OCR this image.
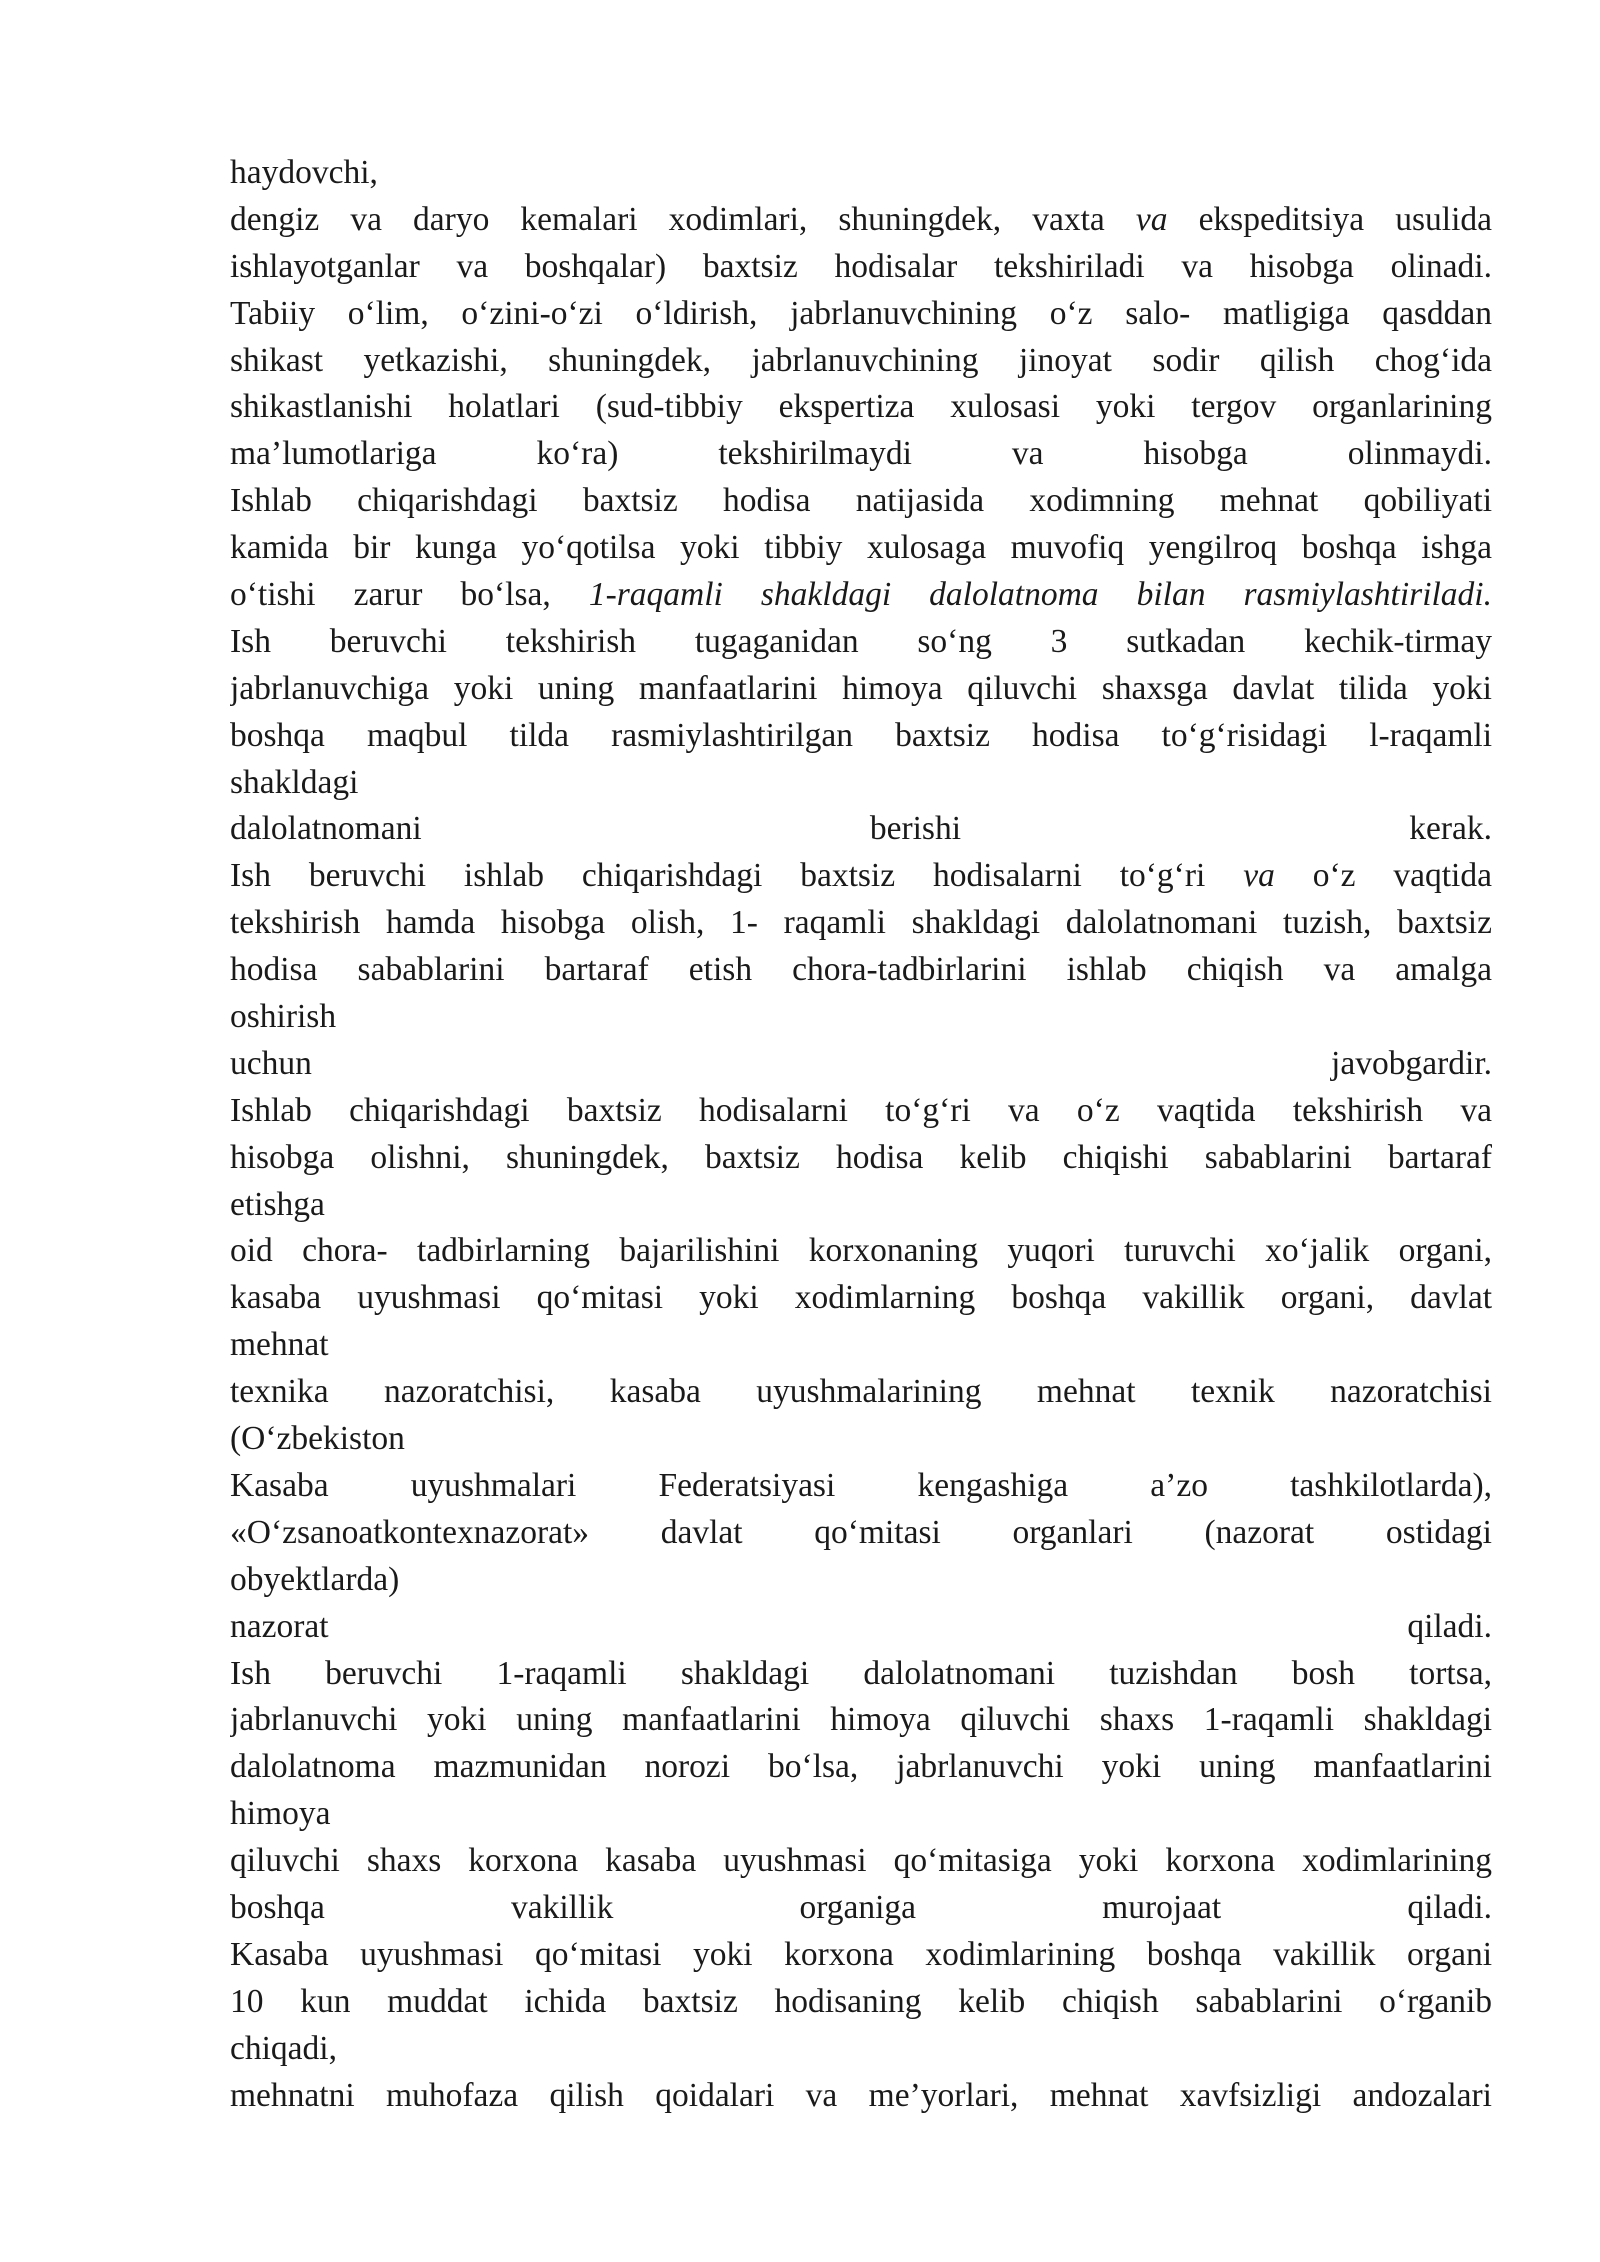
haydovchi,
dengiz va daryo kemalari xodimlari, shuningdek, vaxta va ekspeditsiya usulida
ishlayotganlar va boshqalar) baxtsiz hodisalar tekshiriladi va hisobga olinadi.
Tabiiy o‘lim, o‘zini-o‘zi o‘ldirish, jabrlanuvchining o‘z salo- matligiga qasddan
shikast yetkazishi, shuningdek, jabrlanuvchining jinoyat sodir qilish chog‘ida
shikastlanishi holatlari (sud-tibbiy ekspertiza xulosasi yoki tergov organlarining
ma’lumotlariga ko‘ra) tekshirilmaydi va hisobga olinmaydi.
Ishlab chiqarishdagi baxtsiz hodisa natijasida xodimning mehnat qobiliyati
kamida bir kunga yo‘qotilsa yoki tibbiy xulosaga muvofiq yengilroq boshqa ishga
o‘tishi zarur bo‘lsa, 1-raqamli shakldagi dalolatnoma bilan rasmiylashtiriladi.
Ish beruvchi tekshirish tugaganidan so‘ng 3 sutkadan kechik-tirmay
jabrlanuvchiga yoki uning manfaatlarini himoya qiluvchi shaxsga davlat tilida yoki
boshqa maqbul tilda rasmiylashtirilgan baxtsiz hodisa to‘g‘risidagi l-raqamli
shakldagi
dalolatnomani berishi kerak.
Ish beruvchi ishlab chiqarishdagi baxtsiz hodisalarni to‘g‘ri va o‘z vaqtida
tekshirish hamda hisobga olish, 1- raqamli shakldagi dalolatnomani tuzish, baxtsiz
hodisa sabablarini bartaraf etish chora-tadbirlarini ishlab chiqish va amalga
oshirish
uchun javobgardir.
Ishlab chiqarishdagi baxtsiz hodisalarni to‘g‘ri va o‘z vaqtida tekshirish va
hisobga olishni, shuningdek, baxtsiz hodisa kelib chiqishi sabablarini bartaraf
etishga
oid chora- tadbirlarning bajarilishini korxonaning yuqori turuvchi xo‘jalik organi,
kasaba uyushmasi qo‘mitasi yoki xodimlarning boshqa vakillik organi, davlat
mehnat
texnika nazoratchisi, kasaba uyushmalarining mehnat texnik nazoratchisi
(O‘zbekiston
Kasaba uyushmalari Federatsiyasi kengashiga a’zo tashkilotlarda),
«O‘zsanoatkontexnazorat» davlat qo‘mitasi organlari (nazorat ostidagi
obyektlarda)
nazorat qiladi.
Ish beruvchi 1-raqamli shakldagi dalolatnomani tuzishdan bosh tortsa,
jabrlanuvchi yoki uning manfaatlarini himoya qiluvchi shaxs 1-raqamli shakldagi
dalolatnoma mazmunidan norozi bo‘lsa, jabrlanuvchi yoki uning manfaatlarini
himoya
qiluvchi shaxs korxona kasaba uyushmasi qo‘mitasiga yoki korxona xodimlarining
boshqa vakillik organiga murojaat qiladi.
Kasaba uyushmasi qo‘mitasi yoki korxona xodimlarining boshqa vakillik organi
10 kun muddat ichida baxtsiz hodisaning kelib chiqish sabablarini o‘rganib
chiqadi,
mehnatni muhofaza qilish qoidalari va me’yorlari, mehnat xavfsizligi andozalari
